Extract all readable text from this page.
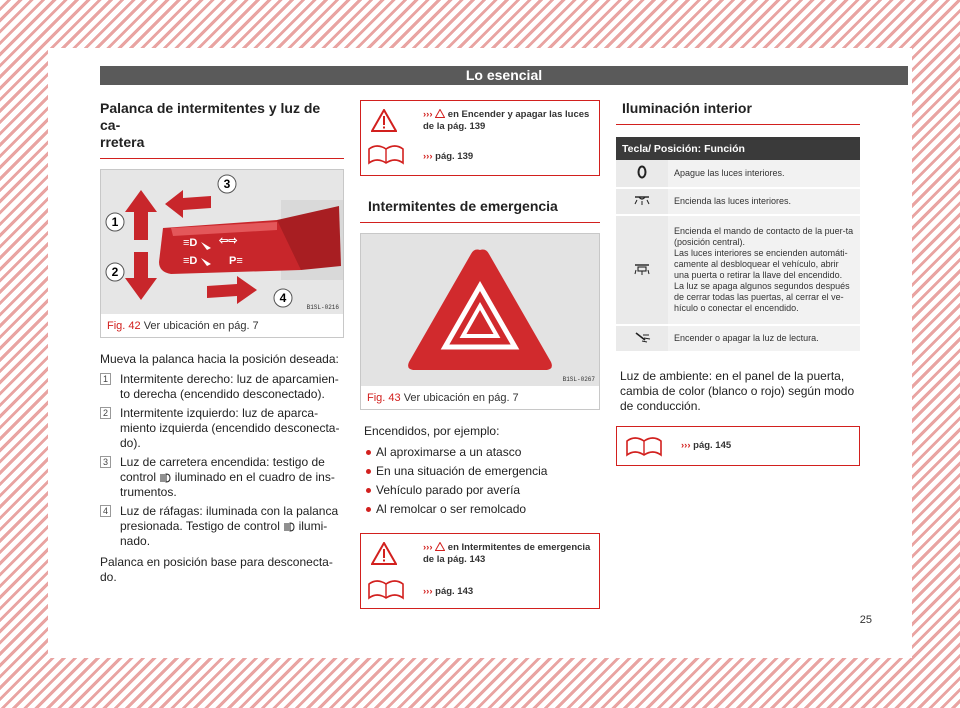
Lo esencial
Palanca de intermitentes y luz de ca-
rretera
≡D
≡D
⇦⇨
P≡
1
2
3
4
B1SL-0216
Fig. 42 Ver ubicación en pág. 7

Mueva la palanca hacia la posición deseada:

1 Intermitente derecho: luz de aparcamien-to derecha (encendido desconectado).
2 Intermitente izquierdo: luz de aparca-miento izquierda (encendido desconecta-do).
3 Luz de carretera encendida: testigo de control iluminado en el cuadro de ins-trumentos.
4 Luz de ráfagas: iluminada con la palanca presionada. Testigo de control ilumi-nado.

Palanca en posición base para desconecta-do.

›››  en Encender y apagar las luces de la pág. 139
››› pág. 139
Intermitentes de emergencia
B1SL-0267
Fig. 43 Ver ubicación en pág. 7

Encendidos, por ejemplo:

Al aproximarse a un atasco
En una situación de emergencia
Vehículo parado por avería
Al remolcar o ser remolcado
›››  en Intermitentes de emergencia de la pág. 143
››› pág. 143
Iluminación interior
Tecla/ Posición: Función	
	Apague las luces interiores.
	Encienda las luces interiores.
	Encienda el mando de contacto de la puer-ta (posición central).
Las luces interiores se encienden automáti-camente al desbloquear el vehículo, abrir una puerta o retirar la llave del encendido. La luz se apaga algunos segundos después de cerrar todas las puertas, al cerrar el ve-hículo o conectar el encendido.
	Encender o apagar la luz de lectura.

Luz de ambiente: en el panel de la puerta, cambia de color (blanco o rojo) según modo de conducción.

››› pág. 145
25
